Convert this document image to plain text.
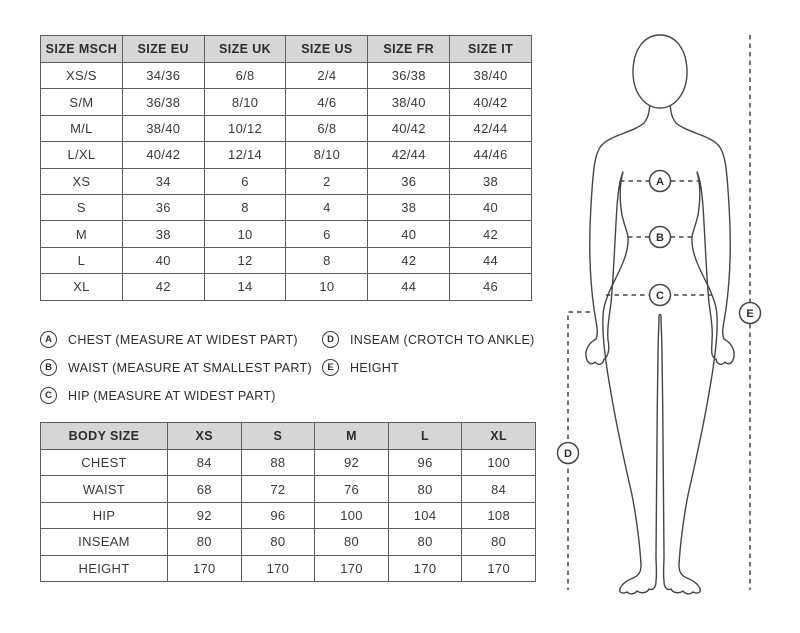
SIZE MSCH	SIZE EU	SIZE UK	SIZE US	SIZE FR	SIZE IT
XS/S	34/36	6/8	2/4	36/38	38/40
S/M	36/38	8/10	4/6	38/40	40/42
M/L	38/40	10/12	6/8	40/42	42/44
L/XL	40/42	12/14	8/10	42/44	44/46
XS	34	6	2	36	38
S	36	8	4	38	40
M	38	10	6	40	42
L	40	12	8	42	44
XL	42	14	10	44	46
A	CHEST (MEASURE AT WIDEST PART)
B	WAIST (MEASURE AT SMALLEST PART)
C	HIP (MEASURE AT WIDEST PART)
D	INSEAM (CROTCH TO ANKLE)
E	HEIGHT
BODY SIZE	XS	S	M	L	XL
CHEST	84	88	92	96	100
WAIST	68	72	76	80	84
HIP	92	96	100	104	108
INSEAM	80	80	80	80	80
HEIGHT	170	170	170	170	170
A
B
C
D
E
